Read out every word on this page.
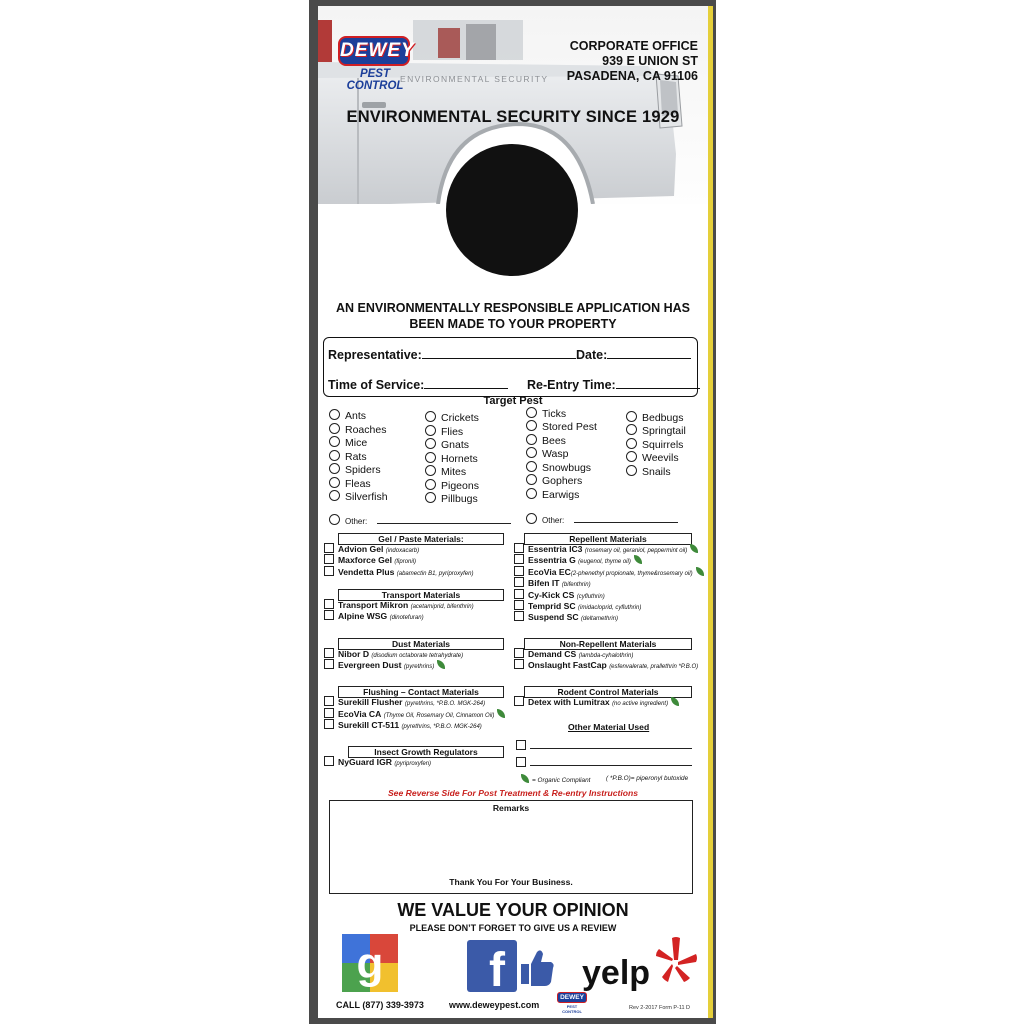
ENVIRONMENTAL SECURITY
DEWEY
PEST CONTROL
CORPORATE OFFICE
939 E UNION ST
PASADENA, CA 91106
ENVIRONMENTAL SECURITY SINCE 1929
AN ENVIRONMENTALLY RESPONSIBLE APPLICATION HAS
BEEN MADE TO YOUR PROPERTY
Representative:	Date:
Time of Service:	Re-Entry Time:
Target Pest
Ants
Roaches
Mice
Rats
Spiders
Fleas
Silverfish
Crickets
Flies
Gnats
Hornets
Mites
Pigeons
Pillbugs
Ticks
Stored Pest
Bees
Wasp
Snowbugs
Gophers
Earwigs
Bedbugs
Springtail
Squirrels
Weevils
Snails
Other:	Other:
Gel / Paste Materials:
Advion Gel (indoxacarb)
Maxforce Gel (fipronil)
Vendetta Plus (abamectin B1, pyriproxyfen)
Transport Materials
Transport Mikron (acetamiprid, bifenthrin)
Alpine WSG (dinotefuran)
Dust Materials
Nibor D (disodium octaborate tetrahydrate)
Evergreen Dust (pyrethrins)
Flushing – Contact Materials
Surekill Flusher (pyrethrins, *P.B.O. MGK-264)
EcoVia CA (Thyme Oil, Rosemary Oil, Cinnamon Oil)
Surekill CT-511 (pyrethrins, *P.B.O. MGK-264)
Insect Growth Regulators
NyGuard IGR (pyriproxyfen)
Repellent Materials
Essentria IC3 (rosemary oil, geraniol, peppermint oil)
Essentria G (eugenol, thyme oil)
EcoVia EC(2-phenethyl propionate, thyme&rosemary oil)
Bifen IT (bifenthrin)
Cy-Kick CS (cyfluthrin)
Temprid SC (imidacloprid, cyfluthrin)
Suspend SC (deltamethrin)
Non-Repellent Materials
Demand CS (lambda-cyhalothrin)
Onslaught FastCap (esfenvalerate, prallethrin *P.B.O)
Rodent Control Materials
Detex with Lumitrax (no active ingredient)
Other Material Used
= Organic Compliant ( *P.B.O)= piperonyl butoxide
See Reverse Side For Post Treatment & Re-entry Instructions
Remarks
Thank You For Your Business.
WE VALUE YOUR OPINION
PLEASE DON’T FORGET TO GIVE US A REVIEW
g f yelp
CALL (877) 339-3973	www.deweypest.com
DEWEY
PEST CONTROL
Rev 2-2017 Form P-11 D
